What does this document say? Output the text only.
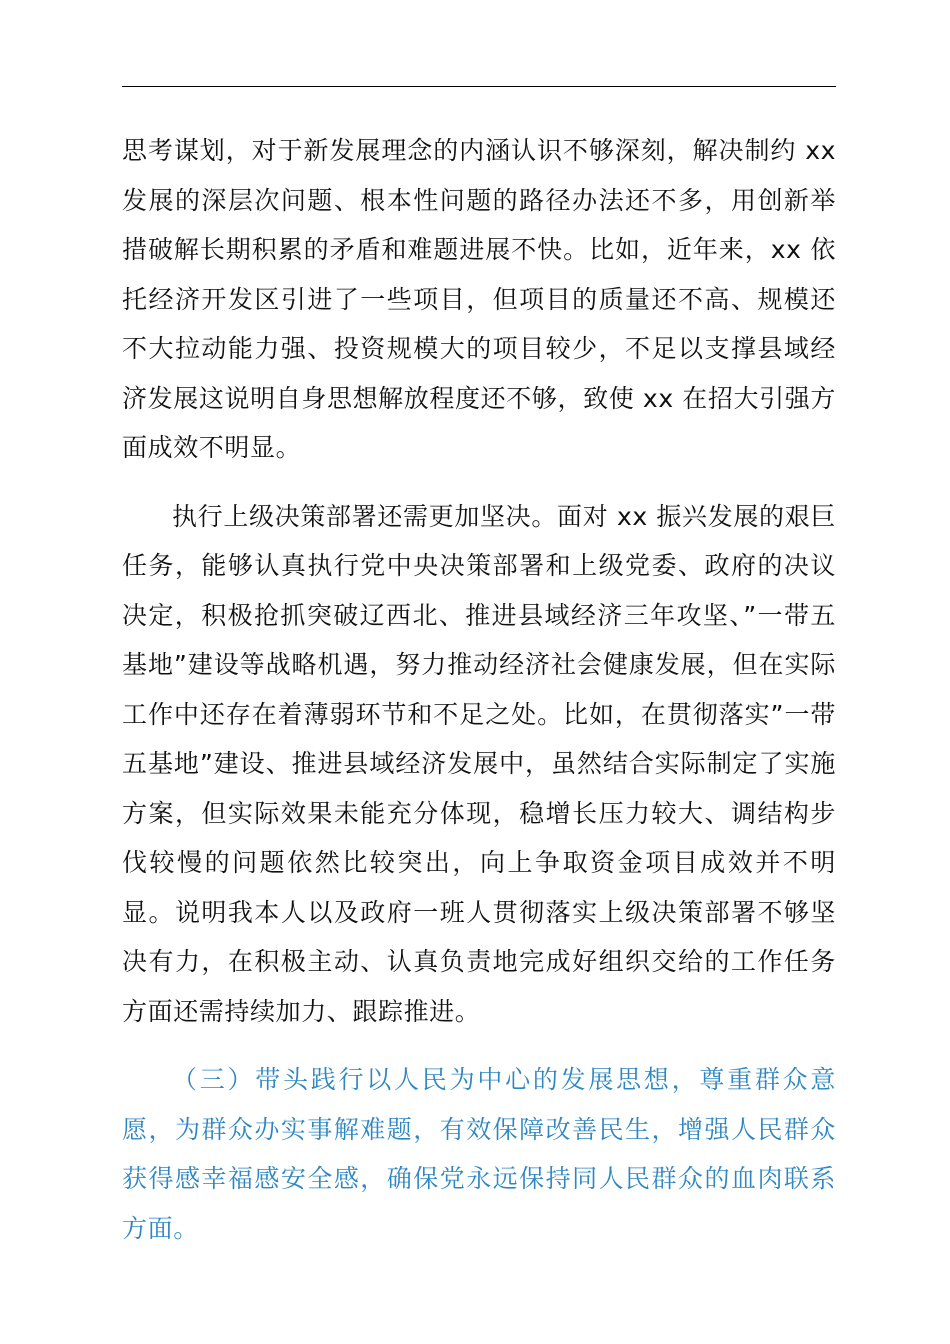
思考谋划，对于新发展理念的内涵认识不够深刻，解决制约 xx 发展的深层次问题、根本性问题的路径办法还不多，用创新举措破解长期积累的矛盾和难题进展不快。比如，近年来，xx 依托经济开发区引进了一些项目，但项目的质量还不高、规模还不大拉动能力强、投资规模大的项目较少，不足以支撑县域经济发展这说明自身思想解放程度还不够，致使 xx 在招大引强方面成效不明显。

执行上级决策部署还需更加坚决。面对 xx 振兴发展的艰巨任务，能够认真执行党中央决策部署和上级党委、政府的决议决定，积极抢抓突破辽西北、推进县域经济三年攻坚、”一带五基地”建设等战略机遇，努力推动经济社会健康发展，但在实际工作中还存在着薄弱环节和不足之处。比如，在贯彻落实”一带五基地”建设、推进县域经济发展中，虽然结合实际制定了实施方案，但实际效果未能充分体现，稳增长压力较大、调结构步伐较慢的问题依然比较突出，向上争取资金项目成效并不明显。说明我本人以及政府一班人贯彻落实上级决策部署不够坚决有力，在积极主动、认真负责地完成好组织交给的工作任务方面还需持续加力、跟踪推进。

（三）带头践行以人民为中心的发展思想，尊重群众意愿，为群众办实事解难题，有效保障改善民生，增强人民群众获得感幸福感安全感，确保党永远保持同人民群众的血肉联系方面。
